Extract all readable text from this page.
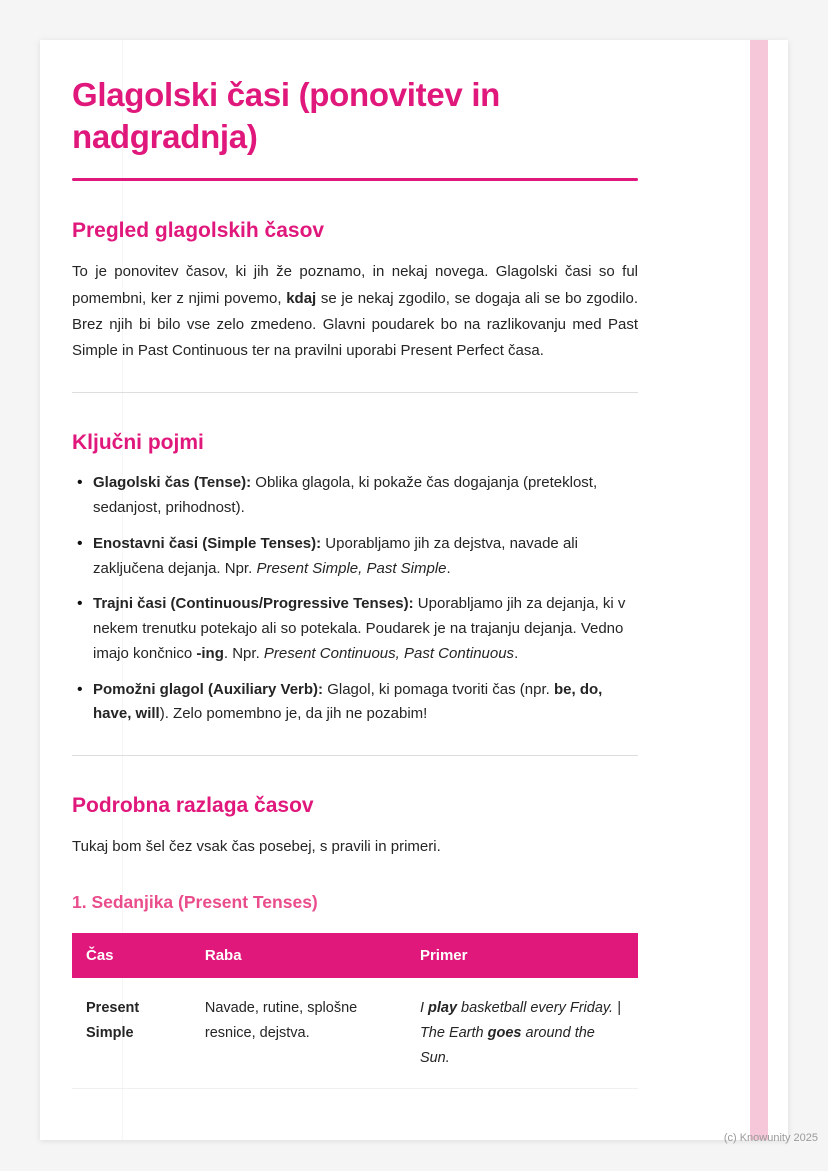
Glagolski časi (ponovitev in nadgradnja)
Pregled glagolskih časov

To je ponovitev časov, ki jih že poznamo, in nekaj novega. Glagolski časi so ful pomembni, ker z njimi povemo, kdaj se je nekaj zgodilo, se dogaja ali se bo zgodilo. Brez njih bi bilo vse zelo zmedeno. Glavni poudarek bo na razlikovanju med Past Simple in Past Continuous ter na pravilni uporabi Present Perfect časa.

Ključni pojmi
• Glagolski čas (Tense): Oblika glagola, ki pokaže čas dogajanja (preteklost, sedanjost, prihodnost).
• Enostavni časi (Simple Tenses): Uporabljamo jih za dejstva, navade ali zaključena dejanja. Npr. Present Simple, Past Simple.
• Trajni časi (Continuous/Progressive Tenses): Uporabljamo jih za dejanja, ki v nekem trenutku potekajo ali so potekala. Poudarek je na trajanju dejanja. Vedno imajo končnico -ing. Npr. Present Continuous, Past Continuous.
• Pomožni glagol (Auxiliary Verb): Glagol, ki pomaga tvoriti čas (npr. be, do, have, will). Zelo pomembno je, da jih ne pozabim!
Podrobna razlaga časov

Tukaj bom šel čez vsak čas posebej, s pravili in primeri.

1. Sedanjika (Present Tenses)
Čas	Raba	Primer
Present Simple	Navade, rutine, splošne resnice, dejstva.	I play basketball every Friday. | The Earth goes around the Sun.
(c) Knowunity 2025
